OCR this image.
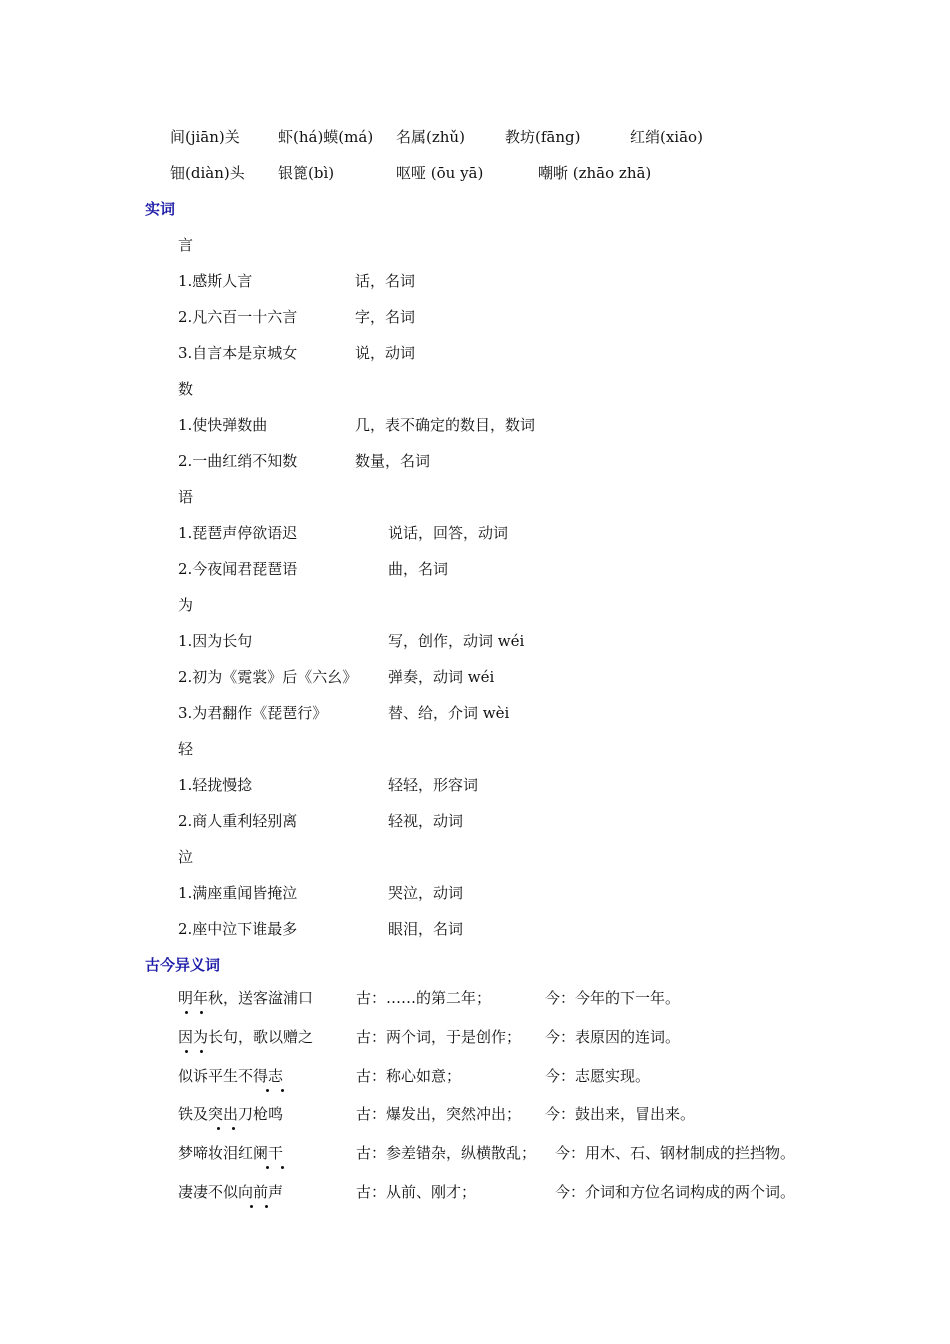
间(jiān)关	虾(há)蟆(má) 名属(zhǔ)	教坊(fāng)	红绡(xiāo)
钿(diàn)头 银篦(bì)	呕哑 (ōu yā)	嘲哳 (zhāo zhā)
实词
言
1.感斯人言	话，名词
2.凡六百一十六言	字，名词
3.自言本是京城女	说，动词
数
1.使快弹数曲	几，表不确定的数目，数词
2.一曲红绡不知数	数量，名词
语
1.琵琶声停欲语迟	说话，回答，动词
2.今夜闻君琵琶语	曲，名词
为
1.因为长句	写，创作，动词 wéi
2.初为《霓裳》后《六幺》 弹奏，动词 wéi
3.为君翻作《琵琶行》	替、给，介词 wèi
轻
1.轻拢慢捻	轻轻，形容词
2.商人重利轻别离	轻视，动词
泣
1.满座重闻皆掩泣	哭泣，动词
2.座中泣下谁最多	眼泪，名词
古今异义词
明年秋，送客湓浦口	古：……的第二年；	今：今年的下一年。
因为长句，歌以赠之	古：两个词，于是创作； 今：表原因的连词。
似诉平生不得志	古：称心如意；	今：志愿实现。
铁及突出刀枪鸣	古：爆发出，突然冲出； 今：鼓出来，冒出来。
梦啼妆泪红阑干	古：参差错杂，纵横散乱； 今：用木、石、钢材制成的拦挡物。
凄凄不似向前声	古：从前、刚才；	今：介词和方位名词构成的两个词。
